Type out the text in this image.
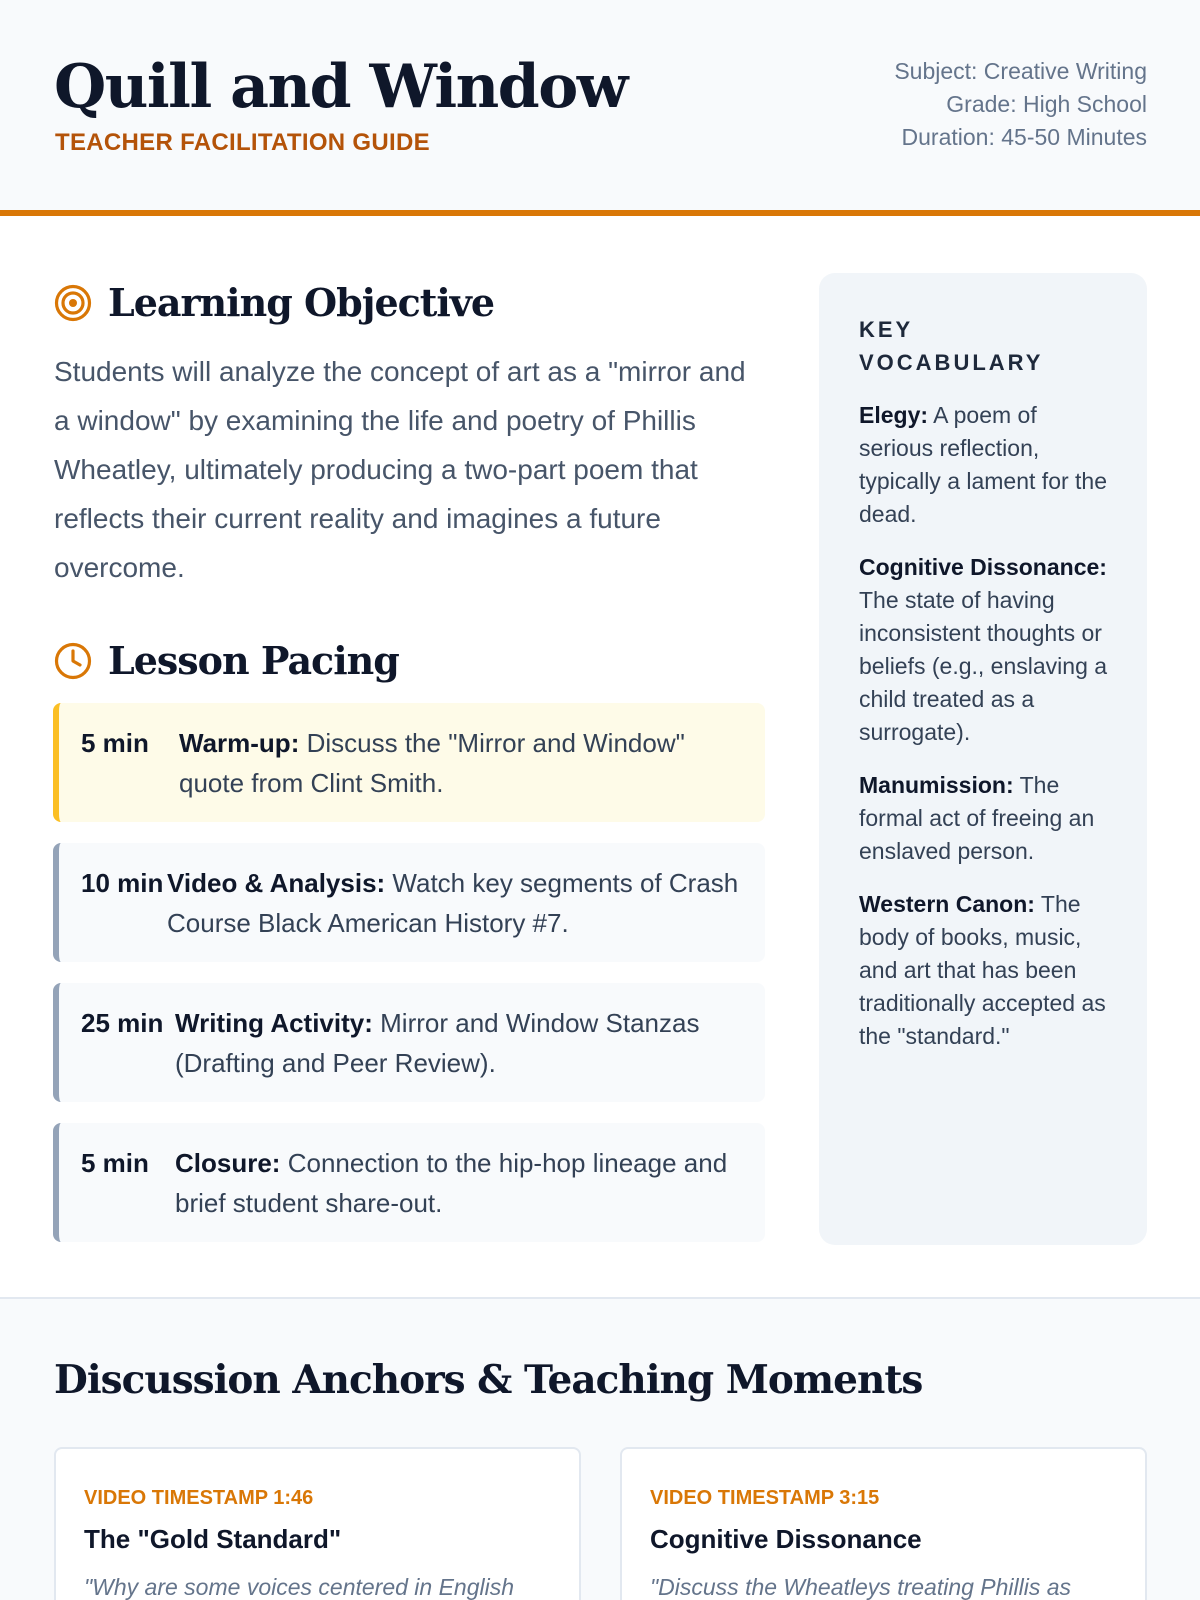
Quill and Window
TEACHER FACILITATION GUIDE
Subject: Creative Writing
Grade: High School
Duration: 45-50 Minutes
Learning Objective
Students will analyze the concept of art as a "mirror and a window" by examining the life and poetry of Phillis Wheatley, ultimately producing a two-part poem that reflects their current reality and imagines a future overcome.
Lesson Pacing
5 min	Warm-up: Discuss the "Mirror and Window" quote from Clint Smith.
10 min Video & Analysis: Watch key segments of Crash Course Black American History #7.
25 min Writing Activity: Mirror and Window Stanzas (Drafting and Peer Review).
5 min	Closure: Connection to the hip-hop lineage and brief student share-out.
KEY VOCABULARY
Elegy: A poem of serious reflection, typically a lament for the dead.
Cognitive Dissonance: The state of having inconsistent thoughts or beliefs (e.g., enslaving a child treated as a surrogate).
Manumission: The formal act of freeing an enslaved person.
Western Canon: The body of books, music, and art that has been traditionally accepted as the "standard."
Discussion Anchors & Teaching Moments
VIDEO TIMESTAMP 1:46
The "Gold Standard"
"Why are some voices centered in English
VIDEO TIMESTAMP 3:15
Cognitive Dissonance
"Discuss the Wheatleys treating Phillis as
